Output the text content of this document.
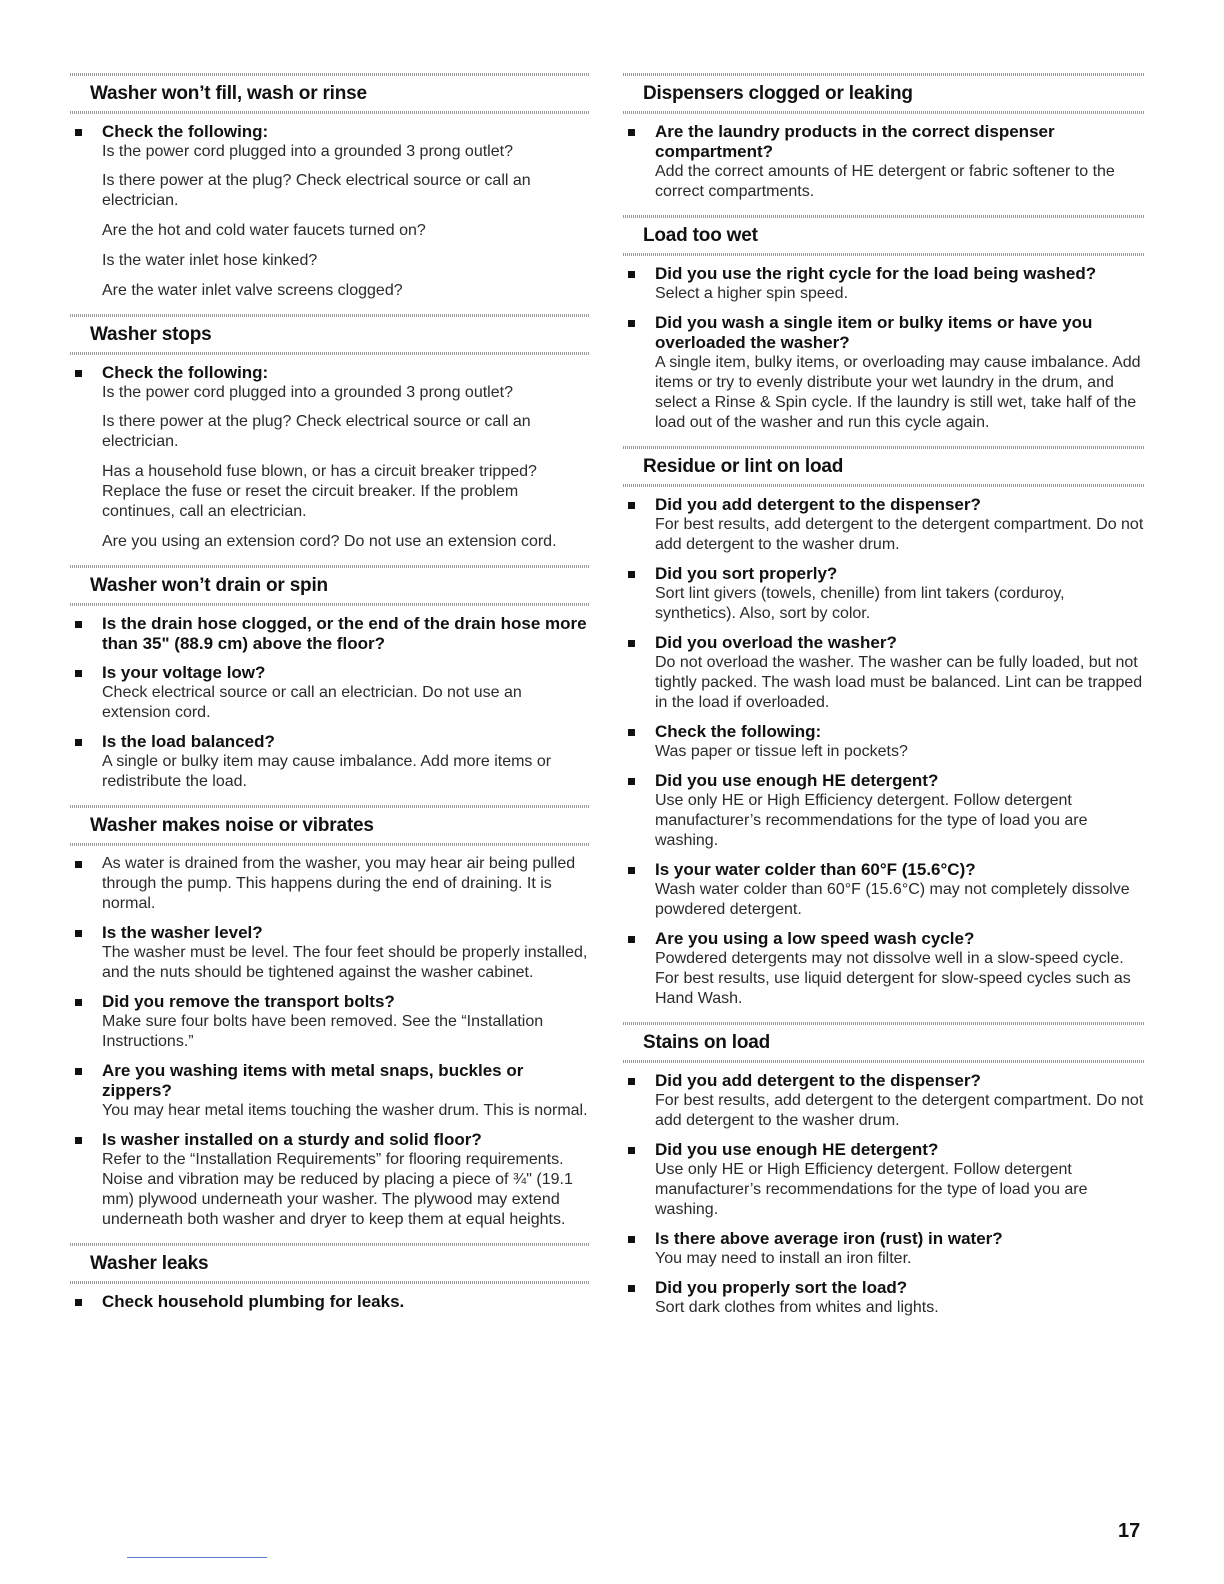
Washer won’t fill, wash or rinse
Check the following:
Is the power cord plugged into a grounded 3 prong outlet?

Is there power at the plug? Check electrical source or call an electrician.

Are the hot and cold water faucets turned on?

Is the water inlet hose kinked?

Are the water inlet valve screens clogged?

Washer stops
Check the following:
Is the power cord plugged into a grounded 3 prong outlet?

Is there power at the plug? Check electrical source or call an electrician.

Has a household fuse blown, or has a circuit breaker tripped? Replace the fuse or reset the circuit breaker. If the problem continues, call an electrician.

Are you using an extension cord? Do not use an extension cord.

Washer won’t drain or spin
Is the drain hose clogged, or the end of the drain hose more than 35" (88.9 cm) above the floor?
Is your voltage low?
Check electrical source or call an electrician. Do not use an extension cord.
Is the load balanced?
A single or bulky item may cause imbalance. Add more items or redistribute the load.
Washer makes noise or vibrates
As water is drained from the washer, you may hear air being pulled through the pump. This happens during the end of draining. It is normal.
Is the washer level?
The washer must be level. The four feet should be properly installed, and the nuts should be tightened against the washer cabinet.
Did you remove the transport bolts?
Make sure four bolts have been removed. See the “Installation Instructions.”
Are you washing items with metal snaps, buckles or zippers?
You may hear metal items touching the washer drum. This is normal.
Is washer installed on a sturdy and solid floor?
Refer to the “Installation Requirements” for flooring requirements. Noise and vibration may be reduced by placing a piece of ¾" (19.1 mm) plywood underneath your washer. The plywood may extend underneath both washer and dryer to keep them at equal heights.
Washer leaks
Check household plumbing for leaks.
Dispensers clogged or leaking
Are the laundry products in the correct dispenser compartment?
Add the correct amounts of HE detergent or fabric softener to the correct compartments.
Load too wet
Did you use the right cycle for the load being washed?
Select a higher spin speed.
Did you wash a single item or bulky items or have you overloaded the washer?
A single item, bulky items, or overloading may cause imbalance. Add items or try to evenly distribute your wet laundry in the drum, and select a Rinse & Spin cycle. If the laundry is still wet, take half of the load out of the washer and run this cycle again.
Residue or lint on load
Did you add detergent to the dispenser?
For best results, add detergent to the detergent compartment. Do not add detergent to the washer drum.
Did you sort properly?
Sort lint givers (towels, chenille) from lint takers (corduroy, synthetics). Also, sort by color.
Did you overload the washer?
Do not overload the washer. The washer can be fully loaded, but not tightly packed. The wash load must be balanced. Lint can be trapped in the load if overloaded.
Check the following:
Was paper or tissue left in pockets?
Did you use enough HE detergent?
Use only HE or High Efficiency detergent. Follow detergent manufacturer’s recommendations for the type of load you are washing.
Is your water colder than 60°F (15.6°C)?
Wash water colder than 60°F (15.6°C) may not completely dissolve powdered detergent.
Are you using a low speed wash cycle?
Powdered detergents may not dissolve well in a slow-speed cycle. For best results, use liquid detergent for slow-speed cycles such as Hand Wash.
Stains on load
Did you add detergent to the dispenser?
For best results, add detergent to the detergent compartment. Do not add detergent to the washer drum.
Did you use enough HE detergent?
Use only HE or High Efficiency detergent. Follow detergent manufacturer’s recommendations for the type of load you are washing.
Is there above average iron (rust) in water?
You may need to install an iron filter.
Did you properly sort the load?
Sort dark clothes from whites and lights.
17
